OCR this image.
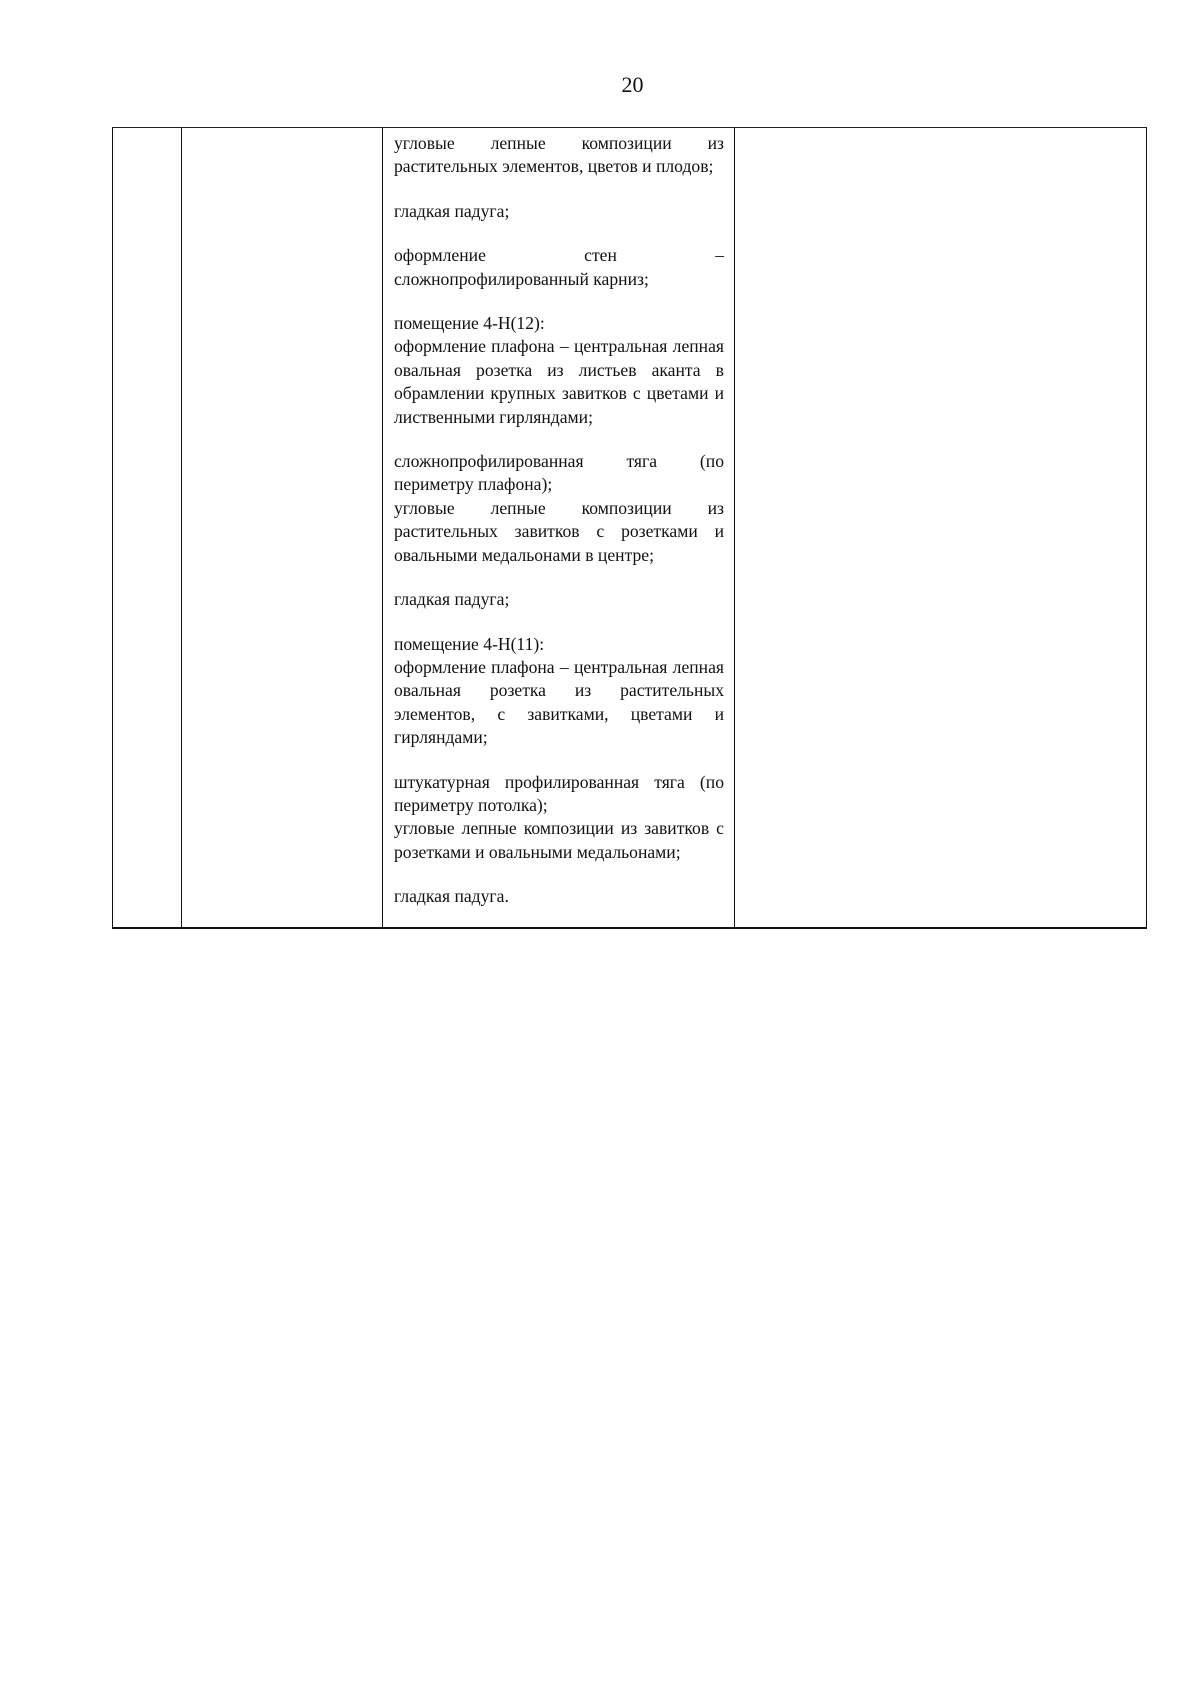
20

угловые лепные композиции из растительных элементов, цветов и плодов;
гладкая падуга;
оформление стен – сложнопрофилированный карниз;
помещение 4-Н(12):
оформление плафона – центральная лепная овальная розетка из листьев аканта в обрамлении крупных завитков с цветами и лиственными гирляндами;
сложнопрофилированная тяга (по периметру плафона);
угловые лепные композиции из растительных завитков с розетками и овальными медальонами в центре;
гладкая падуга;
помещение 4-Н(11):
оформление плафона – центральная лепная овальная розетка из растительных элементов, с завитками, цветами и гирляндами;
штукатурная профилированная тяга (по периметру потолка);
угловые лепные композиции из завитков с розетками и овальными медальонами;
гладкая падуга.
